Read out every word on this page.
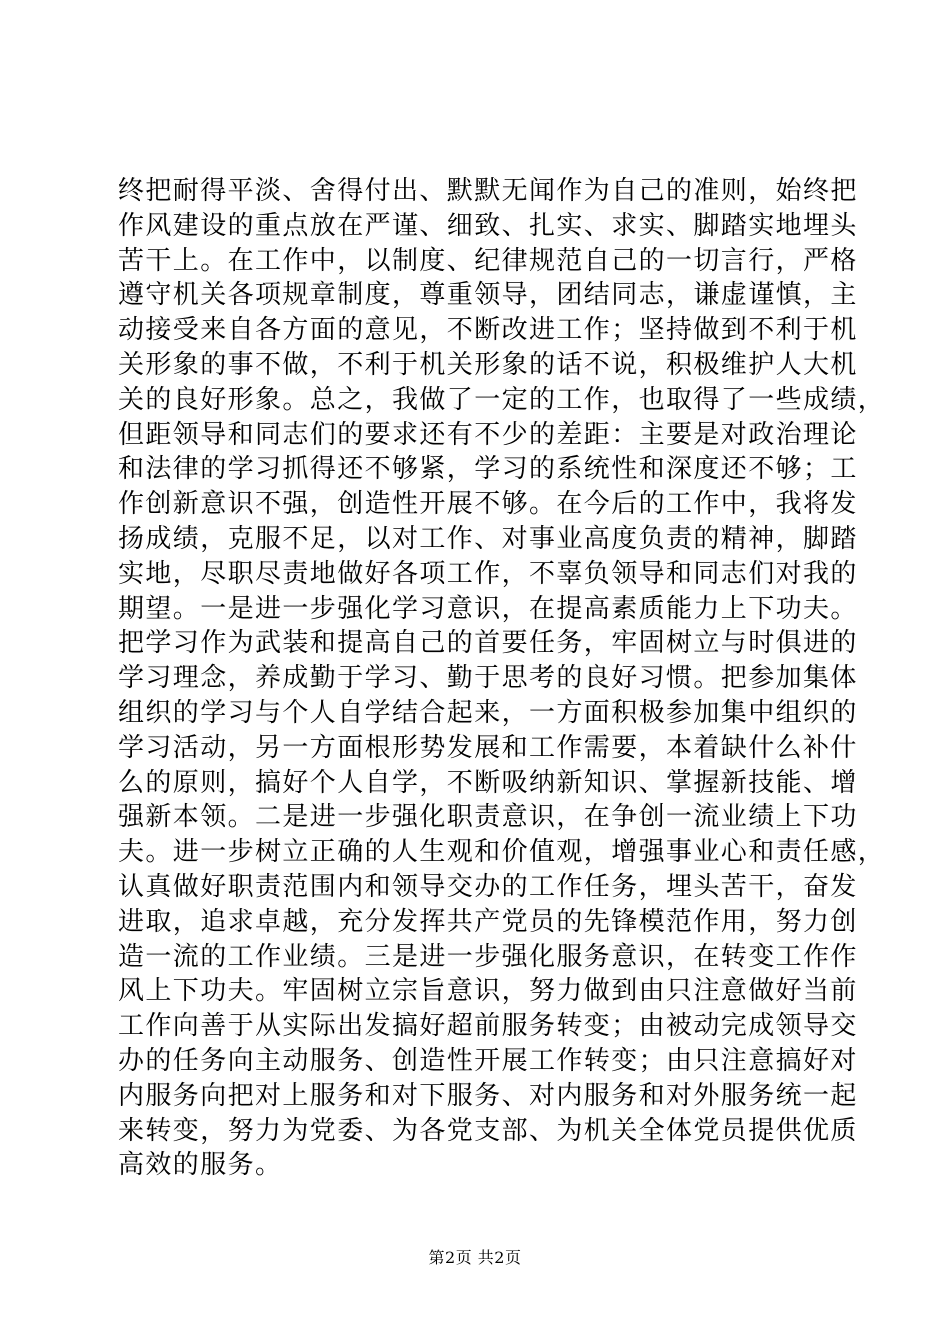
终把耐得平淡、舍得付出、默默无闻作为自己的准则，始终把
作风建设的重点放在严谨、细致、扎实、求实、脚踏实地埋头
苦干上。在工作中，以制度、纪律规范自己的一切言行，严格
遵守机关各项规章制度，尊重领导，团结同志，谦虚谨慎，主
动接受来自各方面的意见，不断改进工作；坚持做到不利于机
关形象的事不做，不利于机关形象的话不说，积极维护人大机
关的良好形象。总之，我做了一定的工作，也取得了一些成绩，
但距领导和同志们的要求还有不少的差距：主要是对政治理论
和法律的学习抓得还不够紧，学习的系统性和深度还不够；工
作创新意识不强，创造性开展不够。在今后的工作中，我将发
扬成绩，克服不足，以对工作、对事业高度负责的精神，脚踏
实地，尽职尽责地做好各项工作，不辜负领导和同志们对我的
期望。一是进一步强化学习意识，在提高素质能力上下功夫。
把学习作为武装和提高自己的首要任务，牢固树立与时俱进的
学习理念，养成勤于学习、勤于思考的良好习惯。把参加集体
组织的学习与个人自学结合起来，一方面积极参加集中组织的
学习活动，另一方面根形势发展和工作需要，本着缺什么补什
么的原则，搞好个人自学，不断吸纳新知识、掌握新技能、增
强新本领。二是进一步强化职责意识，在争创一流业绩上下功
夫。进一步树立正确的人生观和价值观，增强事业心和责任感，
认真做好职责范围内和领导交办的工作任务，埋头苦干，奋发
进取，追求卓越，充分发挥共产党员的先锋模范作用，努力创
造一流的工作业绩。三是进一步强化服务意识，在转变工作作
风上下功夫。牢固树立宗旨意识，努力做到由只注意做好当前
工作向善于从实际出发搞好超前服务转变；由被动完成领导交
办的任务向主动服务、创造性开展工作转变；由只注意搞好对
内服务向把对上服务和对下服务、对内服务和对外服务统一起
来转变，努力为党委、为各党支部、为机关全体党员提供优质
高效的服务。
第2页 共2页
